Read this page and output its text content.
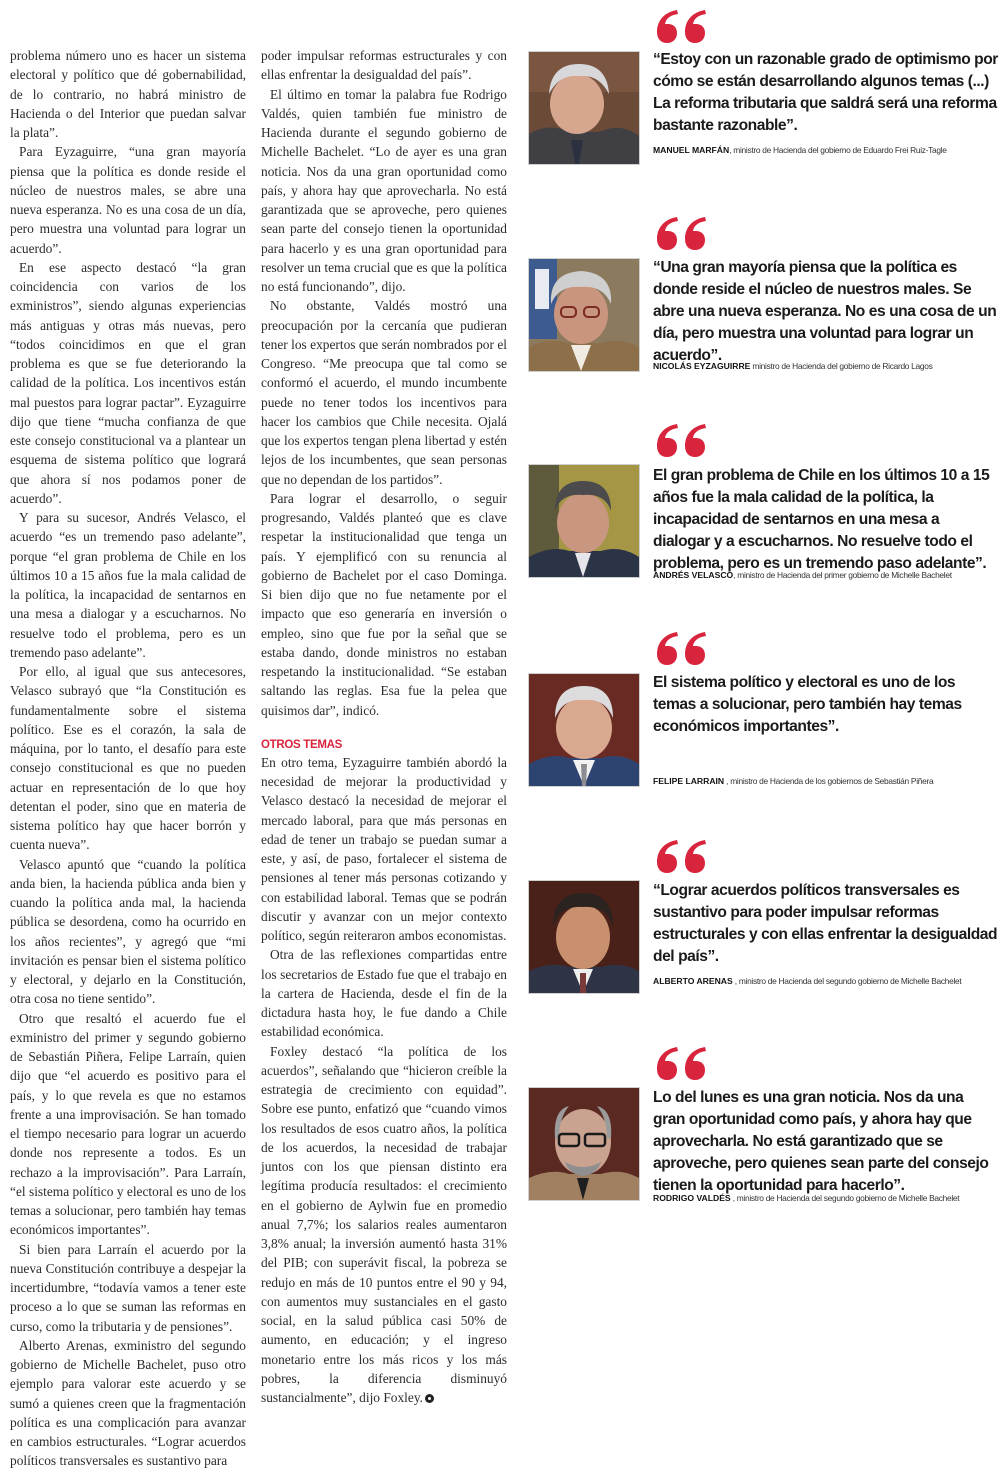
problema número uno es hacer un sistema electoral y político que dé gobernabilidad, de lo contrario, no habrá ministro de Hacienda o del Interior que puedan salvar la plata”.

Para Eyzaguirre, “una gran mayoría piensa que la política es donde reside el núcleo de nuestros males, se abre una nueva esperanza. No es una cosa de un día, pero muestra una voluntad para lograr un acuerdo”.

En ese aspecto destacó “la gran coincidencia con varios de los exministros”, siendo algunas experiencias más antiguas y otras más nuevas, pero “todos coincidimos en que el gran problema es que se fue deteriorando la calidad de la política. Los incentivos están mal puestos para lograr pactar”. Eyzaguirre dijo que tiene “mucha confianza de que este consejo constitucional va a plantear un esquema de sistema político que logrará que ahora sí nos podamos poner de acuerdo”.

Y para su sucesor, Andrés Velasco, el acuerdo “es un tremendo paso adelante”, porque “el gran problema de Chile en los últimos 10 a 15 años fue la mala calidad de la política, la incapacidad de sentarnos en una mesa a dialogar y a escucharnos. No resuelve todo el problema, pero es un tremendo paso adelante”.

Por ello, al igual que sus antecesores, Velasco subrayó que “la Constitución es fundamentalmente sobre el sistema político. Ese es el corazón, la sala de máquina, por lo tanto, el desafío para este consejo constitucional es que no pueden actuar en representación de lo que hoy detentan el poder, sino que en materia de sistema político hay que hacer borrón y cuenta nueva”.

Velasco apuntó que “cuando la política anda bien, la hacienda pública anda bien y cuando la política anda mal, la hacienda pública se desordena, como ha ocurrido en los años recientes”, y agregó que “mi invitación es pensar bien el sistema político y electoral, y dejarlo en la Constitución, otra cosa no tiene sentido”.

Otro que resaltó el acuerdo fue el exministro del primer y segundo gobierno de Sebastián Piñera, Felipe Larraín, quien dijo que “el acuerdo es positivo para el país, y lo que revela es que no estamos frente a una improvisación. Se han tomado el tiempo necesario para lograr un acuerdo donde nos represente a todos. Es un rechazo a la improvisación”. Para Larraín, “el sistema político y electoral es uno de los temas a solucionar, pero también hay temas económicos importantes”.

Si bien para Larraín el acuerdo por la nueva Constitución contribuye a despejar la incertidumbre, “todavía vamos a tener este proceso a lo que se suman las reformas en curso, como la tributaria y de pensiones”.

Alberto Arenas, exministro del segundo gobierno de Michelle Bachelet, puso otro ejemplo para valorar este acuerdo y se sumó a quienes creen que la fragmentación política es una complicación para avanzar en cambios estructurales. “Lograr acuerdos políticos transversales es sustantivo para

poder impulsar reformas estructurales y con ellas enfrentar la desigualdad del país”.

El último en tomar la palabra fue Rodrigo Valdés, quien también fue ministro de Hacienda durante el segundo gobierno de Michelle Bachelet. “Lo de ayer es una gran noticia. Nos da una gran oportunidad como país, y ahora hay que aprovecharla. No está garantizada que se aproveche, pero quienes sean parte del consejo tienen la oportunidad para hacerlo y es una gran oportunidad para resolver un tema crucial que es que la política no está funcionando”, dijo.

No obstante, Valdés mostró una preocupación por la cercanía que pudieran tener los expertos que serán nombrados por el Congreso. “Me preocupa que tal como se conformó el acuerdo, el mundo incumbente puede no tener todos los incentivos para hacer los cambios que Chile necesita. Ojalá que los expertos tengan plena libertad y estén lejos de los incumbentes, que sean personas que no dependan de los partidos”.

Para lograr el desarrollo, o seguir progresando, Valdés planteó que es clave respetar la institucionalidad que tenga un país. Y ejemplificó con su renuncia al gobierno de Bachelet por el caso Dominga. Si bien dijo que no fue netamente por el impacto que eso generaría en inversión o empleo, sino que fue por la señal que se estaba dando, donde ministros no estaban respetando la institucionalidad. “Se estaban saltando las reglas. Esa fue la pelea que quisimos dar”, indicó.

OTROS TEMAS

En otro tema, Eyzaguirre también abordó la necesidad de mejorar la productividad y Velasco destacó la necesidad de mejorar el mercado laboral, para que más personas en edad de tener un trabajo se puedan sumar a este, y así, de paso, fortalecer el sistema de pensiones al tener más personas cotizando y con estabilidad laboral. Temas que se podrán discutir y avanzar con un mejor contexto político, según reiteraron ambos economistas.

Otra de las reflexiones compartidas entre los secretarios de Estado fue que el trabajo en la cartera de Hacienda, desde el fin de la dictadura hasta hoy, le fue dando a Chile estabilidad económica.

Foxley destacó “la política de los acuerdos”, señalando que “hicieron creíble la estrategia de crecimiento con equidad”. Sobre ese punto, enfatizó que “cuando vimos los resultados de esos cuatro años, la política de los acuerdos, la necesidad de trabajar juntos con los que piensan distinto era legítima producía resultados: el crecimiento en el gobierno de Aylwin fue en promedio anual 7,7%; los salarios reales aumentaron 3,8% anual; la inversión aumentó hasta 31% del PIB; con superávit fiscal, la pobreza se redujo en más de 10 puntos entre el 90 y 94, con aumentos muy sustanciales en el gasto social, en la salud pública casi 50% de aumento, en educación; y el ingreso monetario entre los más ricos y los más pobres, la diferencia disminuyó sustancialmente”, dijo Foxley.

“Estoy con un razonable grado de optimismo por cómo se están desarrollando algunos temas (...) La reforma tributaria que saldrá será una reforma bastante razonable”.
MANUEL MARFÁN, ministro de Hacienda del gobierno de Eduardo Frei Ruiz-Tagle
“Una gran mayoría piensa que la política es donde reside el núcleo de nuestros males. Se abre una nueva esperanza. No es una cosa de un día, pero muestra una voluntad para lograr un acuerdo”.
NICOLÁS EYZAGUIRRE ministro de Hacienda del gobierno de Ricardo Lagos
El gran problema de Chile en los últimos 10 a 15 años fue la mala calidad de la política, la incapacidad de sentarnos en una mesa a dialogar y a escucharnos. No resuelve todo el problema, pero es un tremendo paso adelante”.
ANDRÉS VELASCO, ministro de Hacienda del primer gobierno de Michelle Bachelet
El sistema político y electoral es uno de los temas a solucionar, pero también hay temas económicos importantes”.
FELIPE LARRAIN , ministro de Hacienda de los gobiernos de Sebastián Piñera
“Lograr acuerdos políticos transversales es sustantivo para poder impulsar reformas estructurales y con ellas enfrentar la desigualdad del país”.
ALBERTO ARENAS , ministro de Hacienda del segundo gobierno de Michelle Bachelet
Lo del lunes es una gran noticia. Nos da una gran oportunidad como país, y ahora hay que aprovecharla. No está garantizado que se aproveche, pero quienes sean parte del consejo tienen la oportunidad para hacerlo”.
RODRIGO VALDÉS , ministro de Hacienda del segundo gobierno de Michelle Bachelet
